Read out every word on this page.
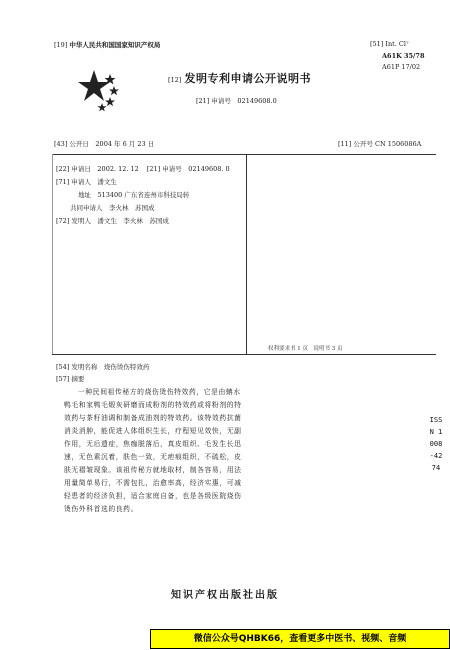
[19] 中华人民共和国国家知识产权局
[12] 发明专利申请公开说明书
[21] 申请号　 02149608.0
[51] Int. Cl⁷
A61K 35/78
A61P 17/02
[43] 公开日　 2004 年 6 月 23 日	[11] 公开号 CN 1506086A
[22] 申请日　 2002. 12. 12 [21] 申请号　 02149608. 0
[71] 申请人　 潘文生
地址　 513400 广东省连州市科技局转
共同申请人　 李火林　苏国成
[72] 发明人　 潘文生　李火林　苏国成
权利要求书 1 页　说明书 3 页
[54] 发明名称　 烧伤烫伤特效药
[57] 摘要
一种民间祖传秘方的烧伤烫伤特效药，它是由蚺水鸭毛和家鸭毛煅灰研磨而成粉剂的特效药或将粉剂的特效药与茶籽油调和制备成油剂的特效药。该特效药抗菌消炎消肿，能促进人体组织生长，疗程短见效快，无副作用，无后遗症，焦痂脱落后，真皮组织、毛发生长迅速，无色素沉着，肤色一致，无疤痕组织，不硫松，皮肤无褶皱现象。该祖传秘方就地取材，制各容易，用法用量简单易行，不需包扎，治愈率高，经济实惠，可减轻患者的经济负担，适合家庭自备，也是各级医院烧伤烫伤外科首选的良药。
ISSN 1008-4274
知识产权出版社出版
微信公众号QHBK66，查看更多中医书、视频、音频
